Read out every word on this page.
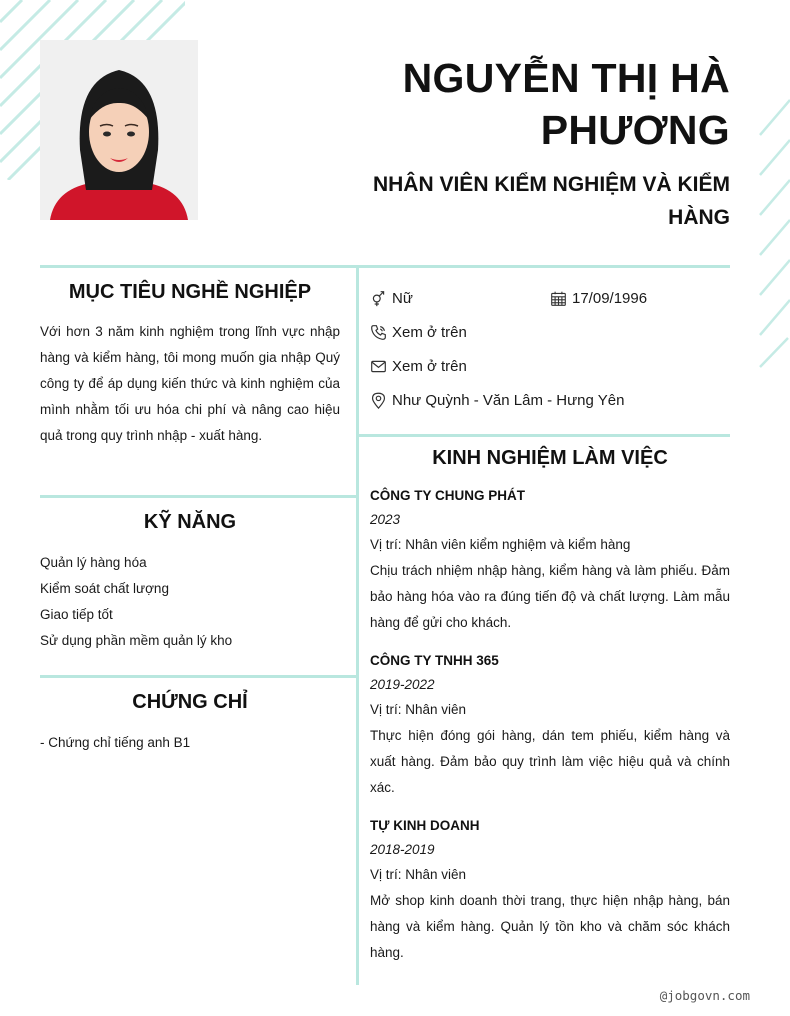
NGUYỄN THỊ HÀ PHƯƠNG
NHÂN VIÊN KIỂM NGHIỆM VÀ KIỂM HÀNG
MỤC TIÊU NGHỀ NGHIỆP

Với hơn 3 năm kinh nghiệm trong lĩnh vực nhập hàng và kiểm hàng, tôi mong muốn gia nhập Quý công ty để áp dụng kiến thức và kinh nghiệm của mình nhằm tối ưu hóa chi phí và nâng cao hiệu quả trong quy trình nhập - xuất hàng.

KỸ NĂNG
Quản lý hàng hóa
Kiểm soát chất lượng
Giao tiếp tốt
Sử dụng phần mềm quản lý kho
CHỨNG CHỈ
- Chứng chỉ tiếng anh B1
Nữ	17/09/1996
Xem ở trên
Xem ở trên
Như Quỳnh - Văn Lâm - Hưng Yên
KINH NGHIỆM LÀM VIỆC
CÔNG TY CHUNG PHÁT
2023
Vị trí: Nhân viên kiểm nghiệm và kiểm hàng
Chịu trách nhiệm nhập hàng, kiểm hàng và làm phiếu. Đảm bảo hàng hóa vào ra đúng tiến độ và chất lượng. Làm mẫu hàng để gửi cho khách.
CÔNG TY TNHH 365
2019-2022
Vị trí: Nhân viên
Thực hiện đóng gói hàng, dán tem phiếu, kiểm hàng và xuất hàng. Đảm bảo quy trình làm việc hiệu quả và chính xác.
TỰ KINH DOANH
2018-2019
Vị trí: Nhân viên
Mở shop kinh doanh thời trang, thực hiện nhập hàng, bán hàng và kiểm hàng. Quản lý tồn kho và chăm sóc khách hàng.
@jobgovn.com
